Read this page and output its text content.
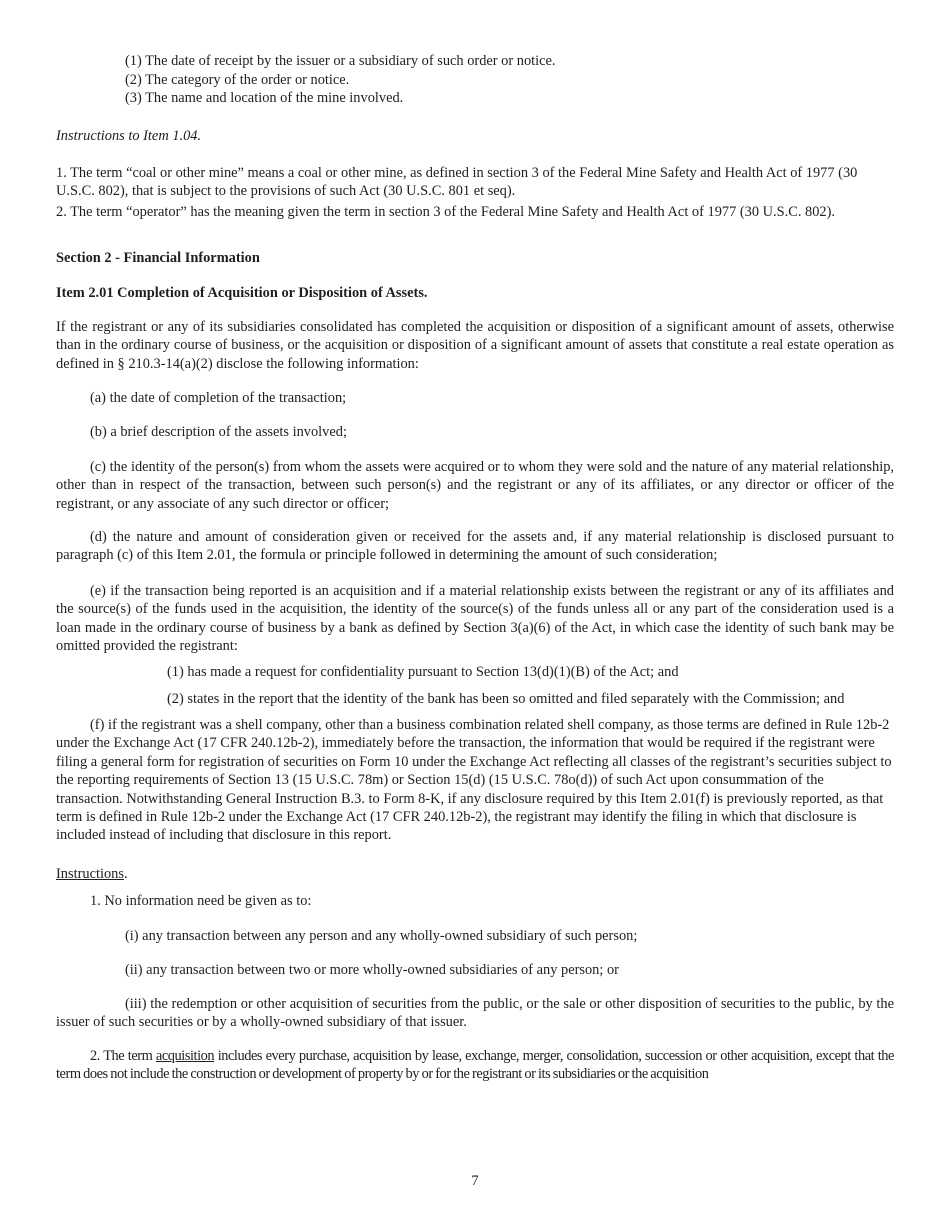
(1) The date of receipt by the issuer or a subsidiary of such order or notice.

(2) The category of the order or notice.

(3) The name and location of the mine involved.

Instructions to Item 1.04.

1. The term “coal or other mine” means a coal or other mine, as defined in section 3 of the Federal Mine Safety and Health Act of 1977 (30 U.S.C. 802), that is subject to the provisions of such Act (30 U.S.C. 801 et seq).

2. The term “operator” has the meaning given the term in section 3 of the Federal Mine Safety and Health Act of 1977 (30 U.S.C. 802).

Section 2 - Financial Information

Item 2.01 Completion of Acquisition or Disposition of Assets.

If the registrant or any of its subsidiaries consolidated has completed the acquisition or disposition of a significant amount of assets, otherwise than in the ordinary course of business, or the acquisition or disposition of a significant amount of assets that constitute a real estate operation as defined in § 210.3-14(a)(2) disclose the following information:

(a) the date of completion of the transaction;

(b) a brief description of the assets involved;

(c) the identity of the person(s) from whom the assets were acquired or to whom they were sold and the nature of any material relationship, other than in respect of the transaction, between such person(s) and the registrant or any of its affiliates, or any director or officer of the registrant, or any associate of any such director or officer;

(d) the nature and amount of consideration given or received for the assets and, if any material relationship is disclosed pursuant to paragraph (c) of this Item 2.01, the formula or principle followed in determining the amount of such consideration;

(e) if the transaction being reported is an acquisition and if a material relationship exists between the registrant or any of its affiliates and the source(s) of the funds used in the acquisition, the identity of the source(s) of the funds unless all or any part of the consideration used is a loan made in the ordinary course of business by a bank as defined by Section 3(a)(6) of the Act, in which case the identity of such bank may be omitted provided the registrant:

(1) has made a request for confidentiality pursuant to Section 13(d)(1)(B) of the Act; and

(2) states in the report that the identity of the bank has been so omitted and filed separately with the Commission; and

(f) if the registrant was a shell company, other than a business combination related shell company, as those terms are defined in Rule 12b-2 under the Exchange Act (17 CFR 240.12b-2), immediately before the transaction, the information that would be required if the registrant were filing a general form for registration of securities on Form 10 under the Exchange Act reflecting all classes of the registrant’s securities subject to the reporting requirements of Section 13 (15 U.S.C. 78m) or Section 15(d) (15 U.S.C. 78o(d)) of such Act upon consummation of the transaction. Notwithstanding General Instruction B.3. to Form 8-K, if any disclosure required by this Item 2.01(f) is previously reported, as that term is defined in Rule 12b-2 under the Exchange Act (17 CFR 240.12b-2), the registrant may identify the filing in which that disclosure is included instead of including that disclosure in this report.

Instructions.

1. No information need be given as to:

(i) any transaction between any person and any wholly-owned subsidiary of such person;

(ii) any transaction between two or more wholly-owned subsidiaries of any person; or

(iii) the redemption or other acquisition of securities from the public, or the sale or other disposition of securities to the public, by the issuer of such securities or by a wholly-owned subsidiary of that issuer.

2. The term acquisition includes every purchase, acquisition by lease, exchange, merger, consolidation, succession or other acquisition, except that the term does not include the construction or development of property by or for the registrant or its subsidiaries or the acquisition

7
